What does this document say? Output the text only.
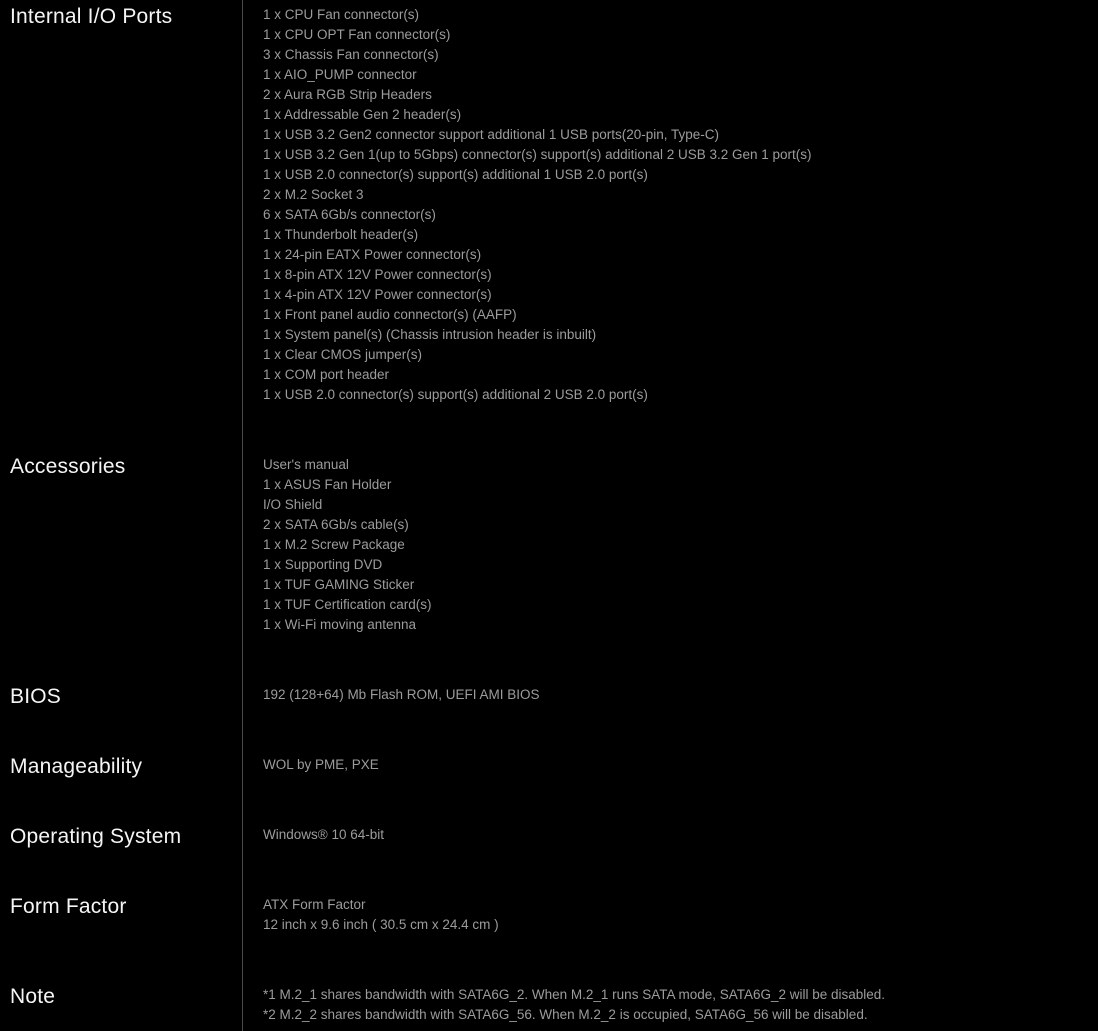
Internal I/O Ports	1 x CPU Fan connector(s)
1 x CPU OPT Fan connector(s)
3 x Chassis Fan connector(s)
1 x AIO_PUMP connector
2 x Aura RGB Strip Headers
1 x Addressable Gen 2 header(s)
1 x USB 3.2 Gen2 connector support additional 1 USB ports(20-pin, Type-C)
1 x USB 3.2 Gen 1(up to 5Gbps) connector(s) support(s) additional 2 USB 3.2 Gen 1 port(s)
1 x USB 2.0 connector(s) support(s) additional 1 USB 2.0 port(s)
2 x M.2 Socket 3
6 x SATA 6Gb/s connector(s)
1 x Thunderbolt header(s)
1 x 24-pin EATX Power connector(s)
1 x 8-pin ATX 12V Power connector(s)
1 x 4-pin ATX 12V Power connector(s)
1 x Front panel audio connector(s) (AAFP)
1 x System panel(s) (Chassis intrusion header is inbuilt)
1 x Clear CMOS jumper(s)
1 x COM port header
1 x USB 2.0 connector(s) support(s) additional 2 USB 2.0 port(s)
Accessories	User's manual
1 x ASUS Fan Holder
I/O Shield
2 x SATA 6Gb/s cable(s)
1 x M.2 Screw Package
1 x Supporting DVD
1 x TUF GAMING Sticker
1 x TUF Certification card(s)
1 x Wi-Fi moving antenna
BIOS	192 (128+64) Mb Flash ROM, UEFI AMI BIOS
Manageability	WOL by PME, PXE
Operating System	Windows® 10 64-bit
Form Factor	ATX Form Factor
12 inch x 9.6 inch ( 30.5 cm x 24.4 cm )
Note	*1 M.2_1 shares bandwidth with SATA6G_2. When M.2_1 runs SATA mode, SATA6G_2 will be disabled.
*2 M.2_2 shares bandwidth with SATA6G_56. When M.2_2 is occupied, SATA6G_56 will be disabled.
